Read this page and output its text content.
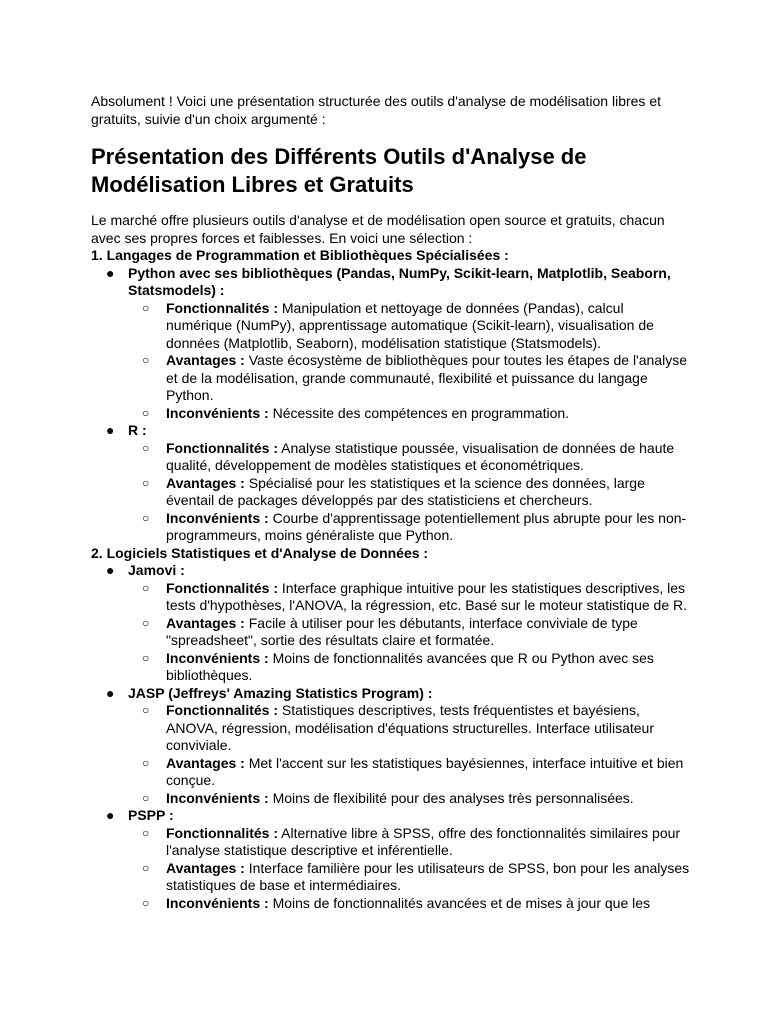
Absolument ! Voici une présentation structurée des outils d'analyse de modélisation libres et gratuits, suivie d'un choix argumenté :

Présentation des Différents Outils d'Analyse de Modélisation Libres et Gratuits

Le marché offre plusieurs outils d'analyse et de modélisation open source et gratuits, chacun avec ses propres forces et faiblesses. En voici une sélection :

1. Langages de Programmation et Bibliothèques Spécialisées :

● Python avec ses bibliothèques (Pandas, NumPy, Scikit-learn, Matplotlib, Seaborn, Statsmodels) :
○ Fonctionnalités : Manipulation et nettoyage de données (Pandas), calcul numérique (NumPy), apprentissage automatique (Scikit-learn), visualisation de données (Matplotlib, Seaborn), modélisation statistique (Statsmodels).
○ Avantages : Vaste écosystème de bibliothèques pour toutes les étapes de l'analyse et de la modélisation, grande communauté, flexibilité et puissance du langage Python.
○ Inconvénients : Nécessite des compétences en programmation.
● R :
○ Fonctionnalités : Analyse statistique poussée, visualisation de données de haute qualité, développement de modèles statistiques et économétriques.
○ Avantages : Spécialisé pour les statistiques et la science des données, large éventail de packages développés par des statisticiens et chercheurs.
○ Inconvénients : Courbe d'apprentissage potentiellement plus abrupte pour les non-programmeurs, moins généraliste que Python.

2. Logiciels Statistiques et d'Analyse de Données :

● Jamovi :
○ Fonctionnalités : Interface graphique intuitive pour les statistiques descriptives, les tests d'hypothèses, l'ANOVA, la régression, etc. Basé sur le moteur statistique de R.
○ Avantages : Facile à utiliser pour les débutants, interface conviviale de type "spreadsheet", sortie des résultats claire et formatée.
○ Inconvénients : Moins de fonctionnalités avancées que R ou Python avec ses bibliothèques.
● JASP (Jeffreys' Amazing Statistics Program) :
○ Fonctionnalités : Statistiques descriptives, tests fréquentistes et bayésiens, ANOVA, régression, modélisation d'équations structurelles. Interface utilisateur conviviale.
○ Avantages : Met l'accent sur les statistiques bayésiennes, interface intuitive et bien conçue.
○ Inconvénients : Moins de flexibilité pour des analyses très personnalisées.
● PSPP :
○ Fonctionnalités : Alternative libre à SPSS, offre des fonctionnalités similaires pour l'analyse statistique descriptive et inférentielle.
○ Avantages : Interface familière pour les utilisateurs de SPSS, bon pour les analyses statistiques de base et intermédiaires.
○ Inconvénients : Moins de fonctionnalités avancées et de mises à jour que les
